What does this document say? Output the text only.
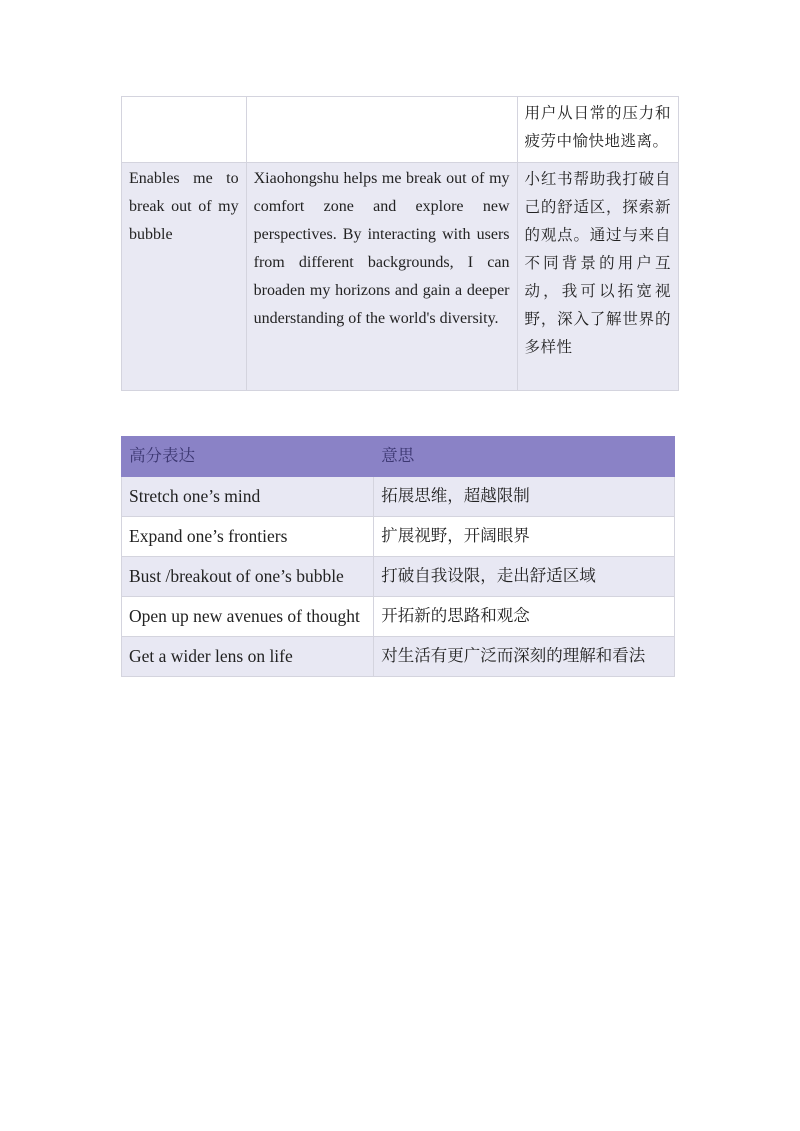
		用户从日常的压力和疲劳中愉快地逃离。
Enables me to break out of my bubble	Xiaohongshu helps me break out of my comfort zone and explore new perspectives. By interacting with users from different backgrounds, I can broaden my horizons and gain a deeper understanding of the world's diversity.	小红书帮助我打破自己的舒适区，探索新的观点。通过与来自不同背景的用户互动，我可以拓宽视野，深入了解世界的多样性
高分表达	意思
Stretch one’s mind	拓展思维，超越限制
Expand one’s frontiers	扩展视野，开阔眼界
Bust /breakout of one’s bubble	打破自我设限，走出舒适区域
Open up new avenues of thought	开拓新的思路和观念
Get a wider lens on life	对生活有更广泛而深刻的理解和看法
